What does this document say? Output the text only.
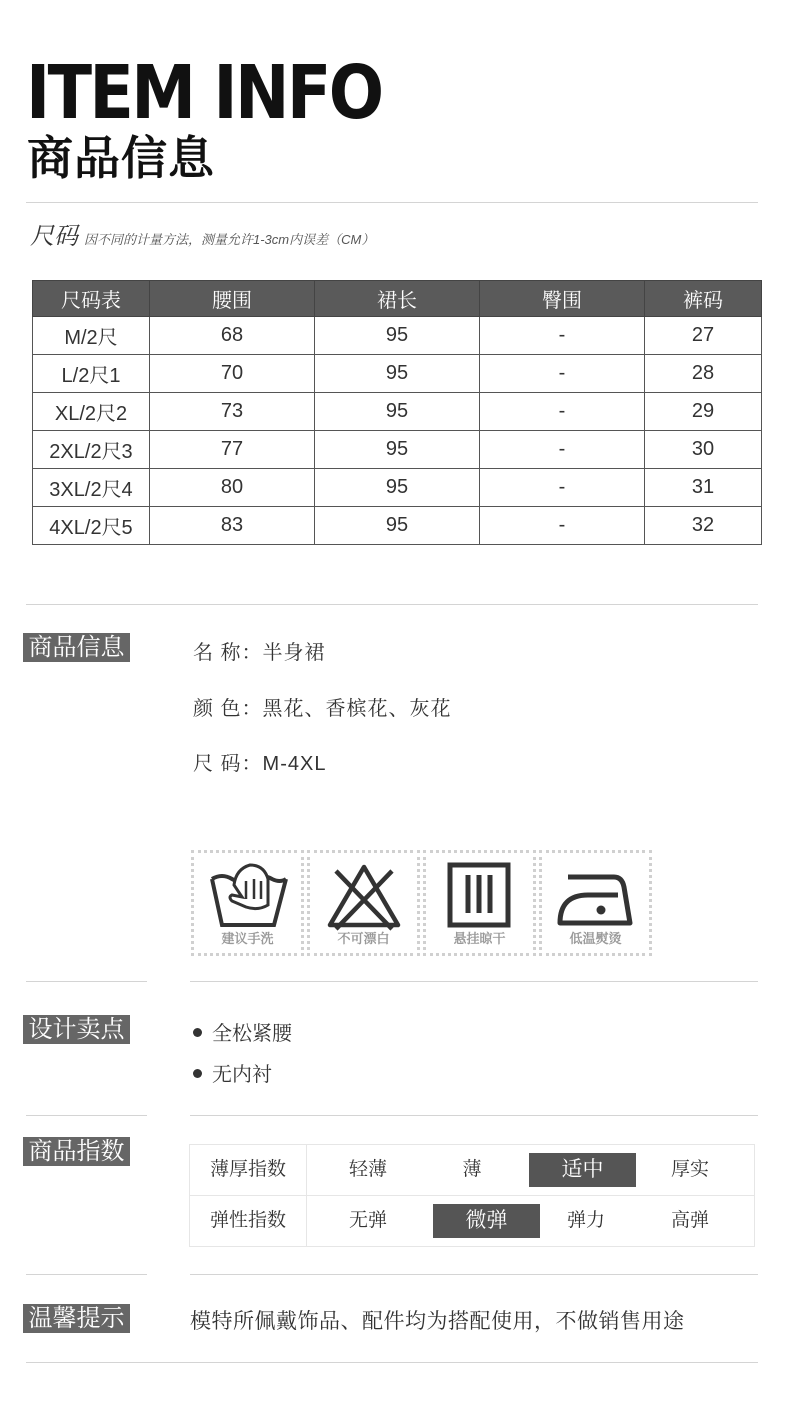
ITEM INFO
商品信息
尺码 因不同的计量方法，测量允许1-3cm内误差（CM）
尺码表	腰围	裙长	臀围	裤码
M/2尺	68	95	-	27
L/2尺1	70	95	-	28
XL/2尺2	73	95	-	29
2XL/2尺3	77	95	-	30
3XL/2尺4	80	95	-	31
4XL/2尺5	83	95	-	32
商品信息	名 称：半身裙
颜 色：黑花、香槟花、灰花
尺 码：M-4XL
建议手洗	不可漂白	悬挂晾干	低温熨烫
设计卖点	全松紧腰
无内衬
商品指数
薄厚指数	轻薄	薄	适中	厚实
弹性指数	无弹	微弹	弹力	高弹
温馨提示	模特所佩戴饰品、配件均为搭配使用，不做销售用途
